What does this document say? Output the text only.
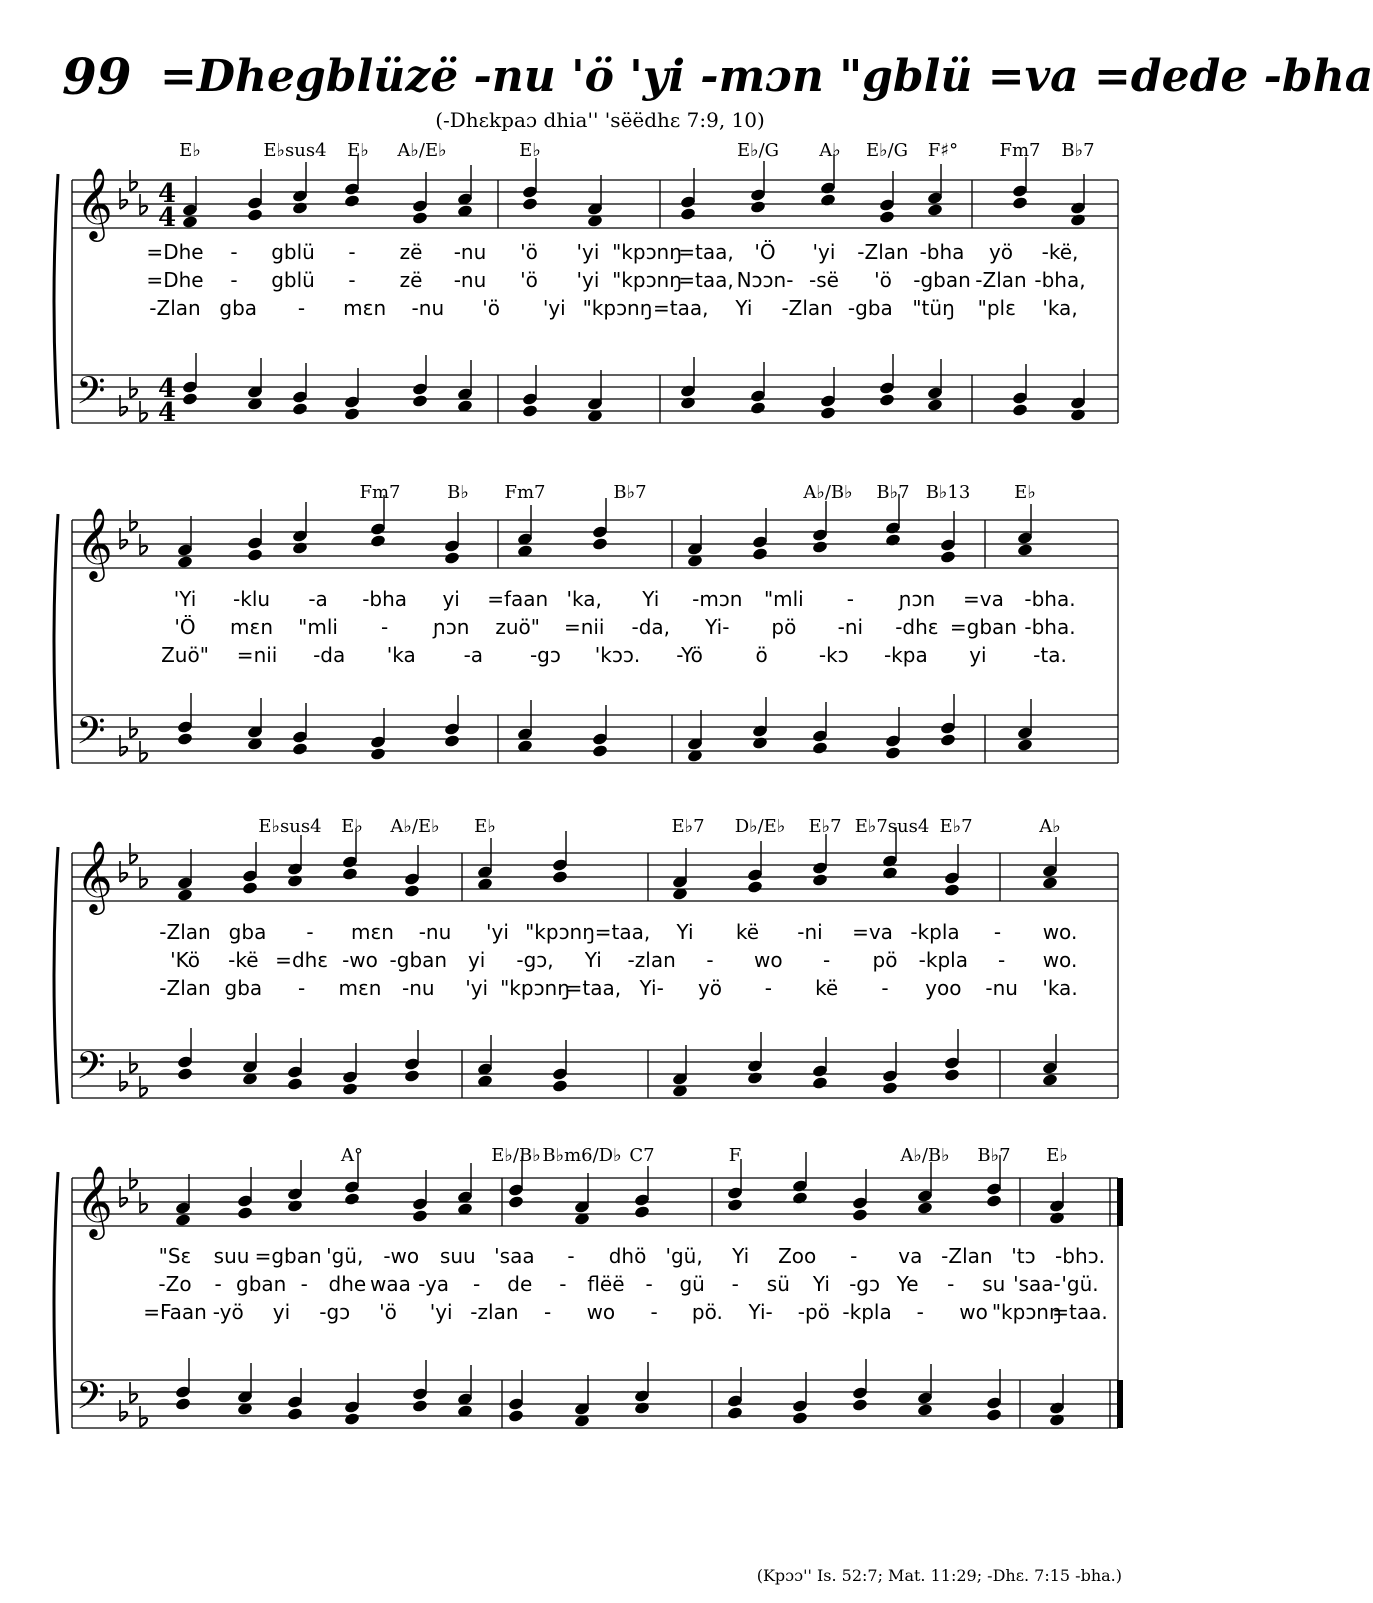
99 =Dhegblüzë -nu 'ö 'yi -mɔn "gblü =va =dede -bha
(-Dhɛkpaɔ dhia'' 'sëëdhɛ 7:9, 10)
𝄞 4
4
𝄢 4
4
E♭	E♭sus4 E♭ A♭/E♭	E♭	E♭/G A♭ E♭/G F♯° Fm7 B♭7
=Dhe - gblü - zë -nu 'ö 'yi "kpɔnŋ
=taa, 'Ö 'yi -Zlan -bha yö -kë,
=Dhe - gblü - zë -nu 'ö 'yi "kpɔnŋ
=taa, Nɔɔn- -së 'ö -gban -Zlan -bha,
-Zlan gba - mɛn -nu 'ö 'yi "kpɔnŋ =taa, Yi -Zlan -gba "tüŋ "plɛ 'ka,
𝄞
𝄢
Fm7	B♭ Fm7	B♭7	A♭/B♭ B♭7 B♭13 E♭
'Yi -klu -a -bha yi =faan 'ka, Yi -mɔn "mli - ɲɔn =va -bha.
'Ö mɛn "mli - ɲɔn zuö" =nii -da, Yi- pö -ni -dhɛ =gban -bha.
Zuö" =nii -da 'ka -a -gɔ 'kɔɔ. -Yö	ö	-kɔ -kpa yi -ta.
𝄞
𝄢
E♭sus4 E♭ A♭/E♭ E♭	E♭7 D♭/E♭ E♭7 E♭7sus4 E♭7	A♭
-Zlan gba - mɛn -nu 'yi "kpɔnŋ =taa, Yi kë -ni =va -kpla - wo.
'Kö -kë =dhɛ -wo -gban yi -gɔ, Yi -zlan - wo - pö -kpla - wo.
-Zlan gba - mɛn -nu 'yi "kpɔnŋ
=taa, Yi- yö - kë - yoo -nu 'ka.
𝄞
𝄢
A°	E♭/B♭ B♭m6/D♭ C7	F	A♭/B♭ B♭7 E♭
"Sɛ suu =gban 'gü, -wo suu 'saa - dhö 'gü, Yi Zoo - va -Zlan 'tɔ -bhɔ.
-Zo - gban - dhe waa -ya - de - flëë - gü - sü Yi -gɔ Ye - su 'saa- 'gü.
=Faan -yö yi -gɔ 'ö 'yi -zlan - wo - pö. Yi- -pö -kpla - wo "kpɔnŋ
=taa.
(Kpɔɔ'' Is. 52:7; Mat. 11:29; -Dhɛ. 7:15 -bha.)
